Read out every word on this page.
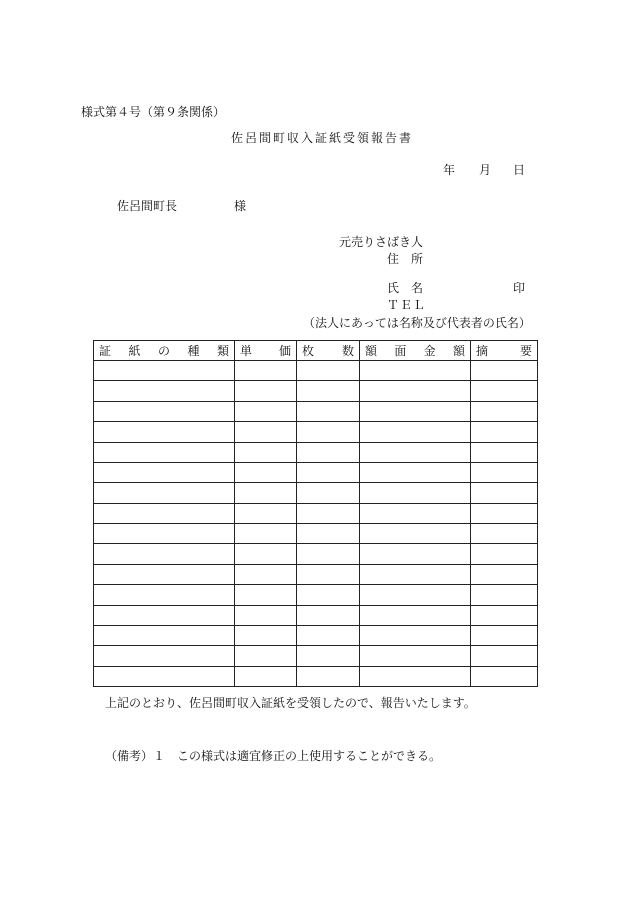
様式第４号（第９条関係）
佐呂間町収入証紙受領報告書
年 月 日
佐呂間町長	様
元売りさばき人
住　所
氏　名	印
ＴＥＬ
（法人にあっては名称及び代表者の氏名）
証 紙 の 種 類	単 価	枚 数	額 面 金 額	摘 要

上記のとおり、佐呂間町収入証紙を受領したので、報告いたします。
（備考）１　この様式は適宜修正の上使用することができる。
